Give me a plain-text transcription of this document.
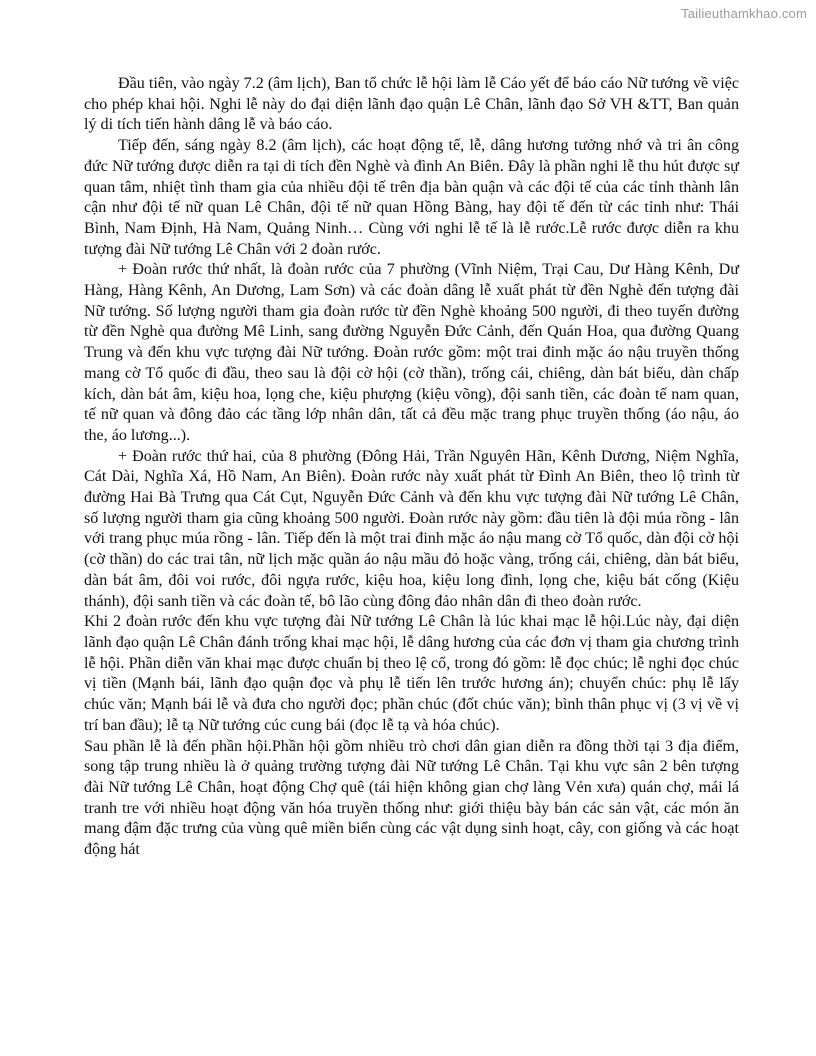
Tailieuthamkhao.com

Đầu tiên, vào ngày 7.2 (âm lịch), Ban tổ chức lễ hội làm lễ Cáo yết để báo cáo Nữ tướng về việc cho phép khai hội. Nghi lễ này do đại diện lãnh đạo quận Lê Chân, lãnh đạo Sở VH &TT, Ban quản lý di tích tiến hành dâng lễ và báo cáo.

Tiếp đến, sáng ngày 8.2 (âm lịch), các hoạt động tế, lễ, dâng hương tưởng nhớ và tri ân công đức Nữ tướng được diễn ra tại di tích đền Nghè và đình An Biên. Đây là phần nghi lễ thu hút được sự quan tâm, nhiệt tình tham gia của nhiều đội tế trên địa bàn quận và các đội tế của các tỉnh thành lân cận như đội tế nữ quan Lê Chân, đội tế nữ quan Hồng Bàng, hay đội tế đến từ các tỉnh như: Thái Bình, Nam Định, Hà Nam, Quảng Ninh… Cùng với nghi lễ tế là lễ rước.Lễ rước được diễn ra khu tượng đài Nữ tướng Lê Chân với 2 đoàn rước.

+ Đoàn rước thứ nhất, là đoàn rước của 7 phường (Vĩnh Niệm, Trại Cau, Dư Hàng Kênh, Dư Hàng, Hàng Kênh, An Dương, Lam Sơn) và các đoàn dâng lễ xuất phát từ đền Nghè đến tượng đài Nữ tướng. Số lượng người tham gia đoàn rước từ đền Nghè khoảng 500 người, đi theo tuyến đường từ đền Nghè qua đường Mê Linh, sang đường Nguyễn Đức Cảnh, đến Quán Hoa, qua đường Quang Trung và đến khu vực tượng đài Nữ tướng. Đoàn rước gồm: một trai đinh mặc áo nậu truyền thống mang cờ Tổ quốc đi đầu, theo sau là đội cờ hội (cờ thần), trống cái, chiêng, dàn bát biểu, dàn chấp kích, dàn bát âm, kiệu hoa, lọng che, kiệu phượng (kiệu võng), đội sanh tiền, các đoàn tế nam quan, tế nữ quan và đông đảo các tầng lớp nhân dân, tất cả đều mặc trang phục truyền thống (áo nậu, áo the, áo lương...).

+ Đoàn rước thứ hai, của 8 phường (Đông Hải, Trần Nguyên Hãn, Kênh Dương, Niệm Nghĩa, Cát Dài, Nghĩa Xá, Hồ Nam, An Biên). Đoàn rước này xuất phát từ Đình An Biên, theo lộ trình từ đường Hai Bà Trưng qua Cát Cụt, Nguyễn Đức Cảnh và đến khu vực tượng đài Nữ tướng Lê Chân, số lượng người tham gia cũng khoảng 500 người. Đoàn rước này gồm: đầu tiên là đội múa rồng - lân với trang phục múa rồng - lân. Tiếp đến là một trai đinh mặc áo nậu mang cờ Tổ quốc, dàn đội cờ hội (cờ thần) do các trai tân, nữ lịch mặc quần áo nậu mầu đỏ hoặc vàng, trống cái, chiêng, dàn bát biểu, dàn bát âm, đôi voi rước, đôi ngựa rước, kiệu hoa, kiệu long đình, lọng che, kiệu bát cống (Kiệu thánh), đội sanh tiền và các đoàn tế, bô lão cùng đông đảo nhân dân đi theo đoàn rước.

Khi 2 đoàn rước đến khu vực tượng đài Nữ tướng Lê Chân là lúc khai mạc lễ hội.Lúc này, đại diện lãnh đạo quận Lê Chân đánh trống khai mạc hội, lễ dâng hương của các đơn vị tham gia chương trình lễ hội. Phần diễn văn khai mạc được chuẩn bị theo lệ cổ, trong đó gồm: lễ đọc chúc; lễ nghi đọc chúc vị tiền (Mạnh bái, lãnh đạo quận đọc và phụ lễ tiến lên trước hương án); chuyển chúc: phụ lễ lấy chúc văn; Mạnh bái lễ và đưa cho người đọc; phần chúc (đốt chúc văn); bình thân phục vị (3 vị về vị trí ban đầu); lễ tạ Nữ tướng cúc cung bái (đọc lễ tạ và hóa chúc).

Sau phần lễ là đến phần hội.Phần hội gồm nhiều trò chơi dân gian diễn ra đồng thời tại 3 địa điểm, song tập trung nhiều là ở quảng trường tượng đài Nữ tướng Lê Chân. Tại khu vực sân 2 bên tượng đài Nữ tướng Lê Chân, hoạt động Chợ quê (tái hiện không gian chợ làng Vẻn xưa) quán chợ, mái lá tranh tre với nhiều hoạt động văn hóa truyền thống như: giới thiệu bày bán các sản vật, các món ăn mang đậm đặc trưng của vùng quê miền biển cùng các vật dụng sinh hoạt, cây, con giống và các hoạt động hát
